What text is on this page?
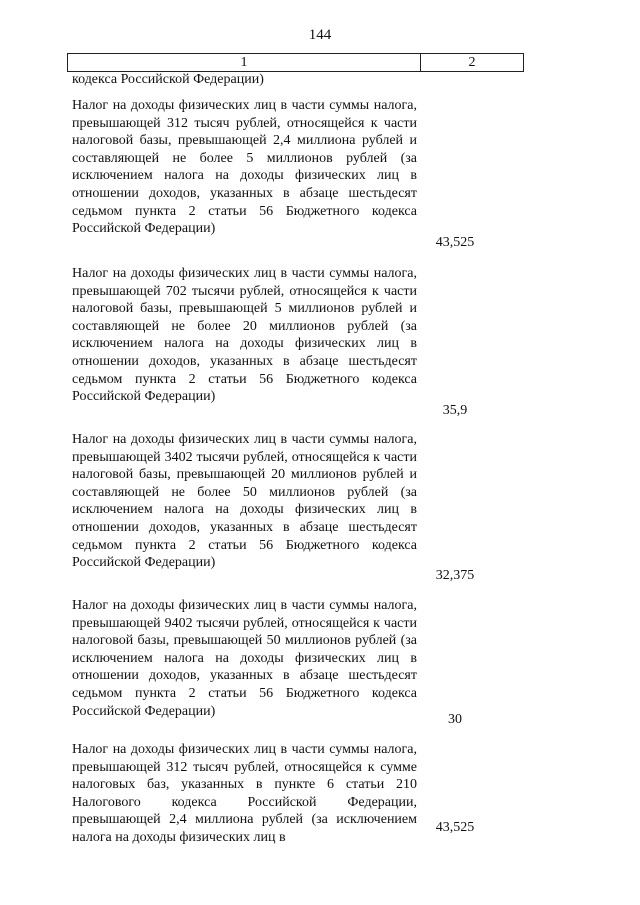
144
1	2
кодекса Российской Федерации)

Налог на доходы физических лиц в части суммы налога, превышающей 312 тысяч рублей, относящейся к части налоговой базы, превышающей 2,4 миллиона рублей и составляющей не более 5 миллионов рублей (за исключением налога на доходы физических лиц в отношении доходов, указанных в абзаце шестьдесят седьмом пункта 2 статьи 56 Бюджетного кодекса Российской Федерации)

43,525

Налог на доходы физических лиц в части суммы налога, превышающей 702 тысячи рублей, относящейся к части налоговой базы, превышающей 5 миллионов рублей и составляющей не более 20 миллионов рублей (за исключением налога на доходы физических лиц в отношении доходов, указанных в абзаце шестьдесят седьмом пункта 2 статьи 56 Бюджетного кодекса Российской Федерации)

35,9

Налог на доходы физических лиц в части суммы налога, превышающей 3402 тысячи рублей, относящейся к части налоговой базы, превышающей 20 миллионов рублей и составляющей не более 50 миллионов рублей (за исключением налога на доходы физических лиц в отношении доходов, указанных в абзаце шестьдесят седьмом пункта 2 статьи 56 Бюджетного кодекса Российской Федерации)

32,375

Налог на доходы физических лиц в части суммы налога, превышающей 9402 тысячи рублей, относящейся к части налоговой базы, превышающей 50 миллионов рублей (за исключением налога на доходы физических лиц в отношении доходов, указанных в абзаце шестьдесят седьмом пункта 2 статьи 56 Бюджетного кодекса Российской Федерации)

30

Налог на доходы физических лиц в части суммы налога, превышающей 312 тысяч рублей, относящейся к сумме налоговых баз, указанных в пункте 6 статьи 210 Налогового кодекса Российской Федерации, превышающей 2,4 миллиона рублей (за исключением налога на доходы физических лиц в

43,525
